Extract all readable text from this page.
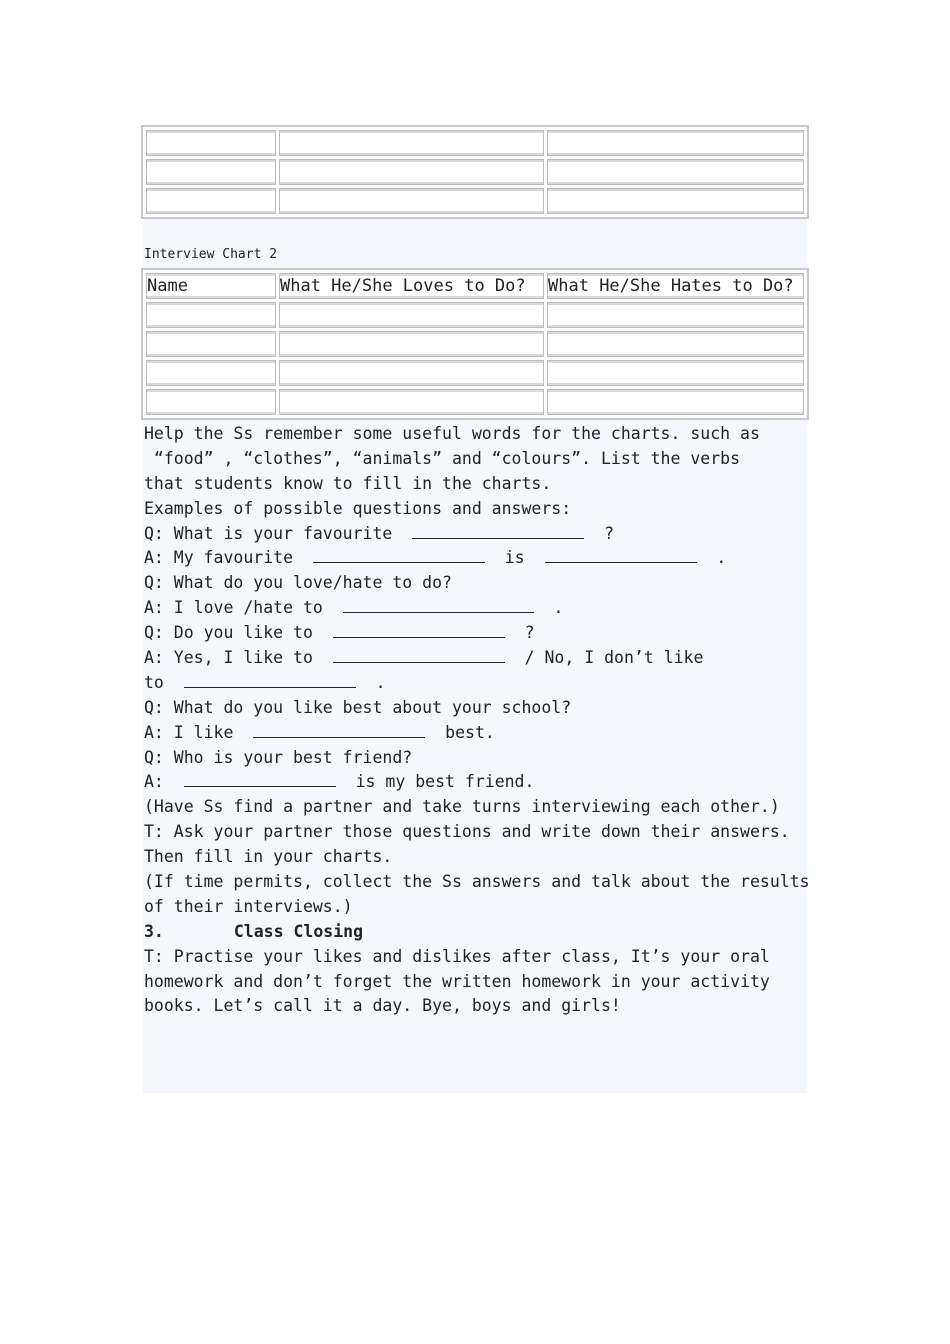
Interview Chart 2
Name	What He/She Loves to Do?	What He/She Hates to Do?

Help the Ss remember some useful words for the charts. such as
“food” , “clothes”, “animals” and “colours”. List the verbs
that students know to fill in the charts.
Examples of possible questions and answers:
Q: What is your favourite	?
A: My favourite	is	.
Q: What do you love/hate to do?
A: I love /hate to	.
Q: Do you like to	?
A: Yes, I like to	/ No, I don’t like
to	.
Q: What do you like best about your school?
A: I like	best.
Q: Who is your best friend?
A:	is my best friend.
(Have Ss find a partner and take turns interviewing each other.)
T: Ask your partner those questions and write down their answers.
Then fill in your charts.
(If time permits, collect the Ss answers and talk about the results
of their interviews.)
3.	Class Closing
T: Practise your likes and dislikes after class, It’s your oral
homework and don’t forget the written homework in your activity
books. Let’s call it a day. Bye, boys and girls!
